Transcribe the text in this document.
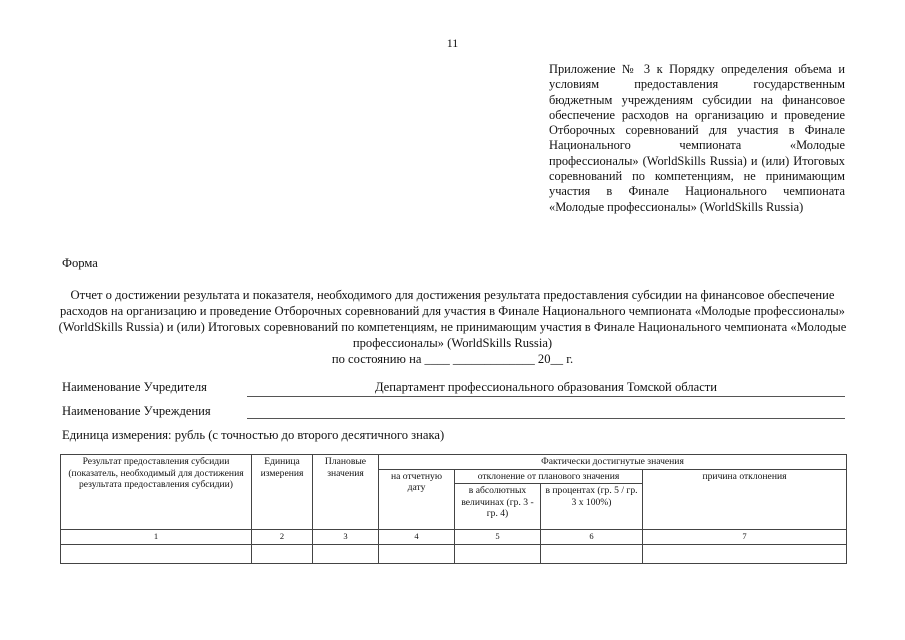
11
Приложение № 3 к Порядку определения объема и условиям предоставления государственным бюджетным учреждениям субсидии на финансовое обеспечение расходов на организацию и проведение Отборочных соревнований для участия в Финале Национального чемпионата «Молодые профессионалы» (WorldSkills Russia) и (или) Итоговых соревнований по компетенциям, не принимающим участия в Финале Национального чемпионата «Молодые профессионалы» (WorldSkills Russia)
Форма
Отчет о достижении результата и показателя, необходимого для достижения результата предоставления субсидии на финансовое обеспечение расходов на организацию и проведение Отборочных соревнований для участия в Финале Национального чемпионата «Молодые профессионалы» (WorldSkills Russia) и (или) Итоговых соревнований по компетенциям, не принимающим участия в Финале Национального чемпионата «Молодые профессионалы» (WorldSkills Russia)
по состоянию на ____ _____________ 20__ г.
Наименование Учредителя	Департамент профессионального образования Томской области
Наименование Учреждения
Единица измерения: рубль (с точностью до второго десятичного знака)
Результат предоставления субсидии (показатель, необходимый для достижения результата предоставления субсидии)	Единица измерения	Плановые значения	Фактически достигнутые значения			
			на отчетную дату	отклонение от планового значения		причина отклонения
				в абсолютных величинах (гр. 3 - гр. 4)	в процентах (гр. 5 / гр. 3 х 100%)	
1	2	3	4	5	6	7
